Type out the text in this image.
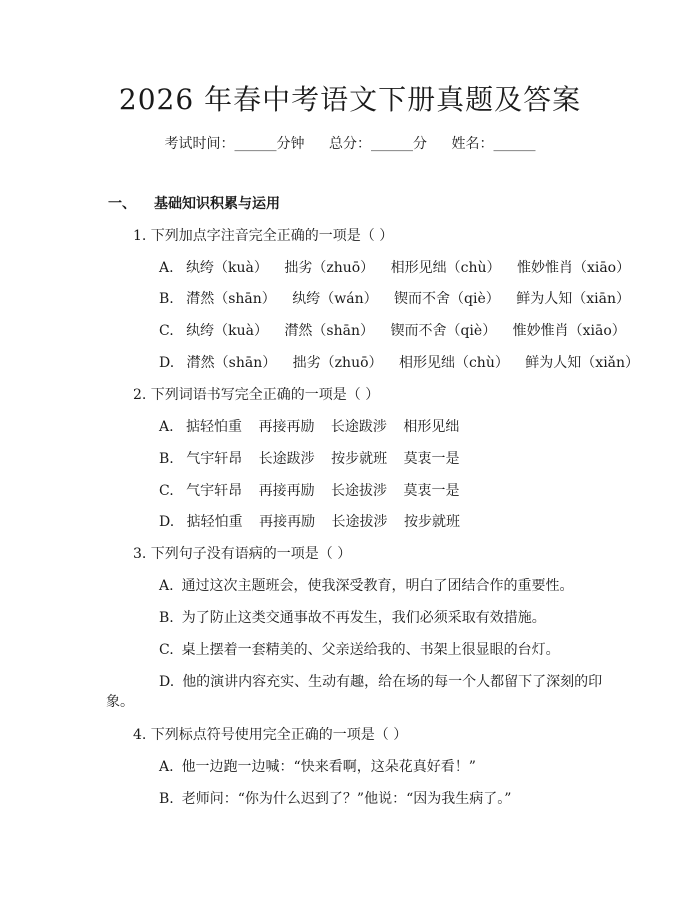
2026 年春中考语文下册真题及答案
考试时间：______分钟 总分：______分 姓名：______
一、 基础知识积累与运用
1. 下列加点字注音完全正确的一项是（ ）
A. 纨绔（kuà） 拙劣（zhuō） 相形见绌（chù） 惟妙惟肖（xiāo）
B. 潸然（shān） 纨绔（wán） 锲而不舍（qiè） 鲜为人知（xiān）
C. 纨绔（kuà） 潸然（shān） 锲而不舍（qiè） 惟妙惟肖（xiāo）
D. 潸然（shān） 拙劣（zhuō） 相形见绌（chù） 鲜为人知（xiǎn）
2. 下列词语书写完全正确的一项是（ ）
A. 掂轻怕重 再接再励 长途跋涉 相形见绌
B. 气宇轩昂 长途跋涉 按步就班 莫衷一是
C. 气宇轩昂 再接再励 长途拔涉 莫衷一是
D. 掂轻怕重 再接再励 长途拔涉 按步就班
3. 下列句子没有语病的一项是（ ）
A. 通过这次主题班会，使我深受教育，明白了团结合作的重要性。
B. 为了防止这类交通事故不再发生，我们必须采取有效措施。
C. 桌上摆着一套精美的、父亲送给我的、书架上很显眼的台灯。
D. 他的演讲内容充实、生动有趣，给在场的每一个人都留下了深刻的印
象。
4. 下列标点符号使用完全正确的一项是（ ）
A. 他一边跑一边喊：“快来看啊，这朵花真好看！”
B. 老师问：“你为什么迟到了？”他说：“因为我生病了。”
